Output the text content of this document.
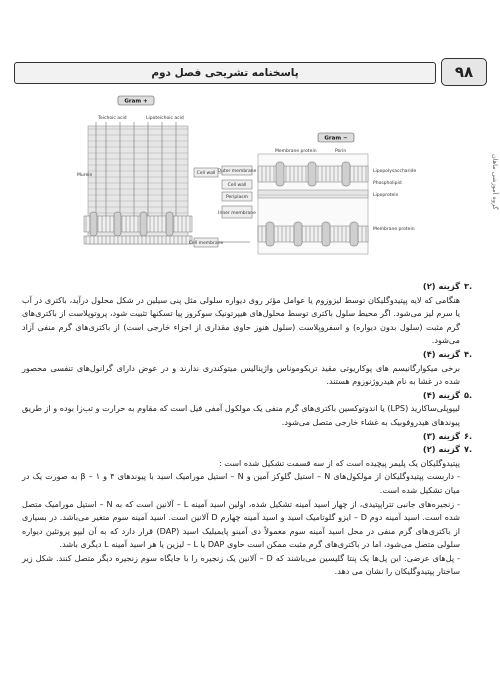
۹۸
پاسخنامه تشریحی فصل دوم
گروه آموزشی ماهان
Gram +
Teichoic acid	Lipoteichoic acid
Murein	Cell wall
Cell membrane
Gram −
Membrane protein	Porin
Outer membrane
Cell wall
Periplasm
Inner membrane
Lipopolysaccharide
Phospholipid
Lipoprotein
Membrane protein
۳.
گزینه (۲)

هنگامی که لایه پپتیدوگلیکان توسط لیزوزوم یا عوامل مؤثر روی دیواره سلولی مثل پنی سیلین در شکل محلول درآید، باکتری در آب یا سرم لیز می‌شود. اگر محیط سلول باکتری توسط محلول‌های هیپرتونیک سوکروز پیا تسکنها تثبیت شود، پروتوپلاست از باکتری‌های گرم مثبت (سلول بدون دیواره) و اسفروپلاست (سلول هنوز حاوی مقداری از اجزاء خارجی است) از باکتری‌های گرم منفی آزاد می‌شود.

۴.
گزینه (۴)

برخی میکوارگانیسم های پوکاریوتی مقید تریکوموناس واژینالیس میتوکندری ندارند و در عوض دارای گرانول‌های تنفسی محصور شده در غشا به نام هیدروژنوزوم هستند.

۵.
گزینه (۴)

لیپوپلی‌ساکارید (LPS) یا اندوتوکسین باکتری‌های گرم منفی یک مولکول آمفی فیل است که مقاوم به حرارت و تب‌زا بوده و از طریق پیوندهای هیدروفوبیک به غشاء خارجی متصل می‌شود.

۶.
گزینه (۳)
۷.
گزینه (۲)

پپتیدوگلیکان یک پلیمر پیچیده است که از سه قسمت تشکیل شده است :

- داربست پپتیدوگلیکان از مولکول‌های N – استیل گلوکز آمین و N – استیل مورامیک اسید با پیوندهای ۴ و ۱ – β به صورت یک در میان تشکیل شده است.

- زنجیره‌های جانبی تتراپپتیدی، از چهار اسید آمینه تشکیل شده، اولین اسید آمینه L – آلانین است که به N – استیل مورامیک متصل شده است. اسید آمینه دوم D – ایزو گلوتامیک اسید و اسید آمینه چهارم D آلانین است. اسید آمینه سوم متغیر می‌باشد. در بسیاری از باکتری‌های گرم منفی در محل اسید آمینه سوم معمولاً دی آمینو پایمیلیک اسید (DAP) قرار دارد که به آن لیپو پروتئین دیواره سلولی متصل می‌شود، اما در باکتری‌های گرم مثبت ممکن است حاوی DAP یا L – لیزین یا هر اسید آمینه L دیگری باشد.

- پل‌های عرضی: این پل‌ها یک پنتا گلیسین می‌باشند که D – آلانین یک زنجیره را با جایگاه سوم زنجیره دیگر متصل کنند. شکل زیر ساختار پپتیدوگلیکان را نشان می دهد.
